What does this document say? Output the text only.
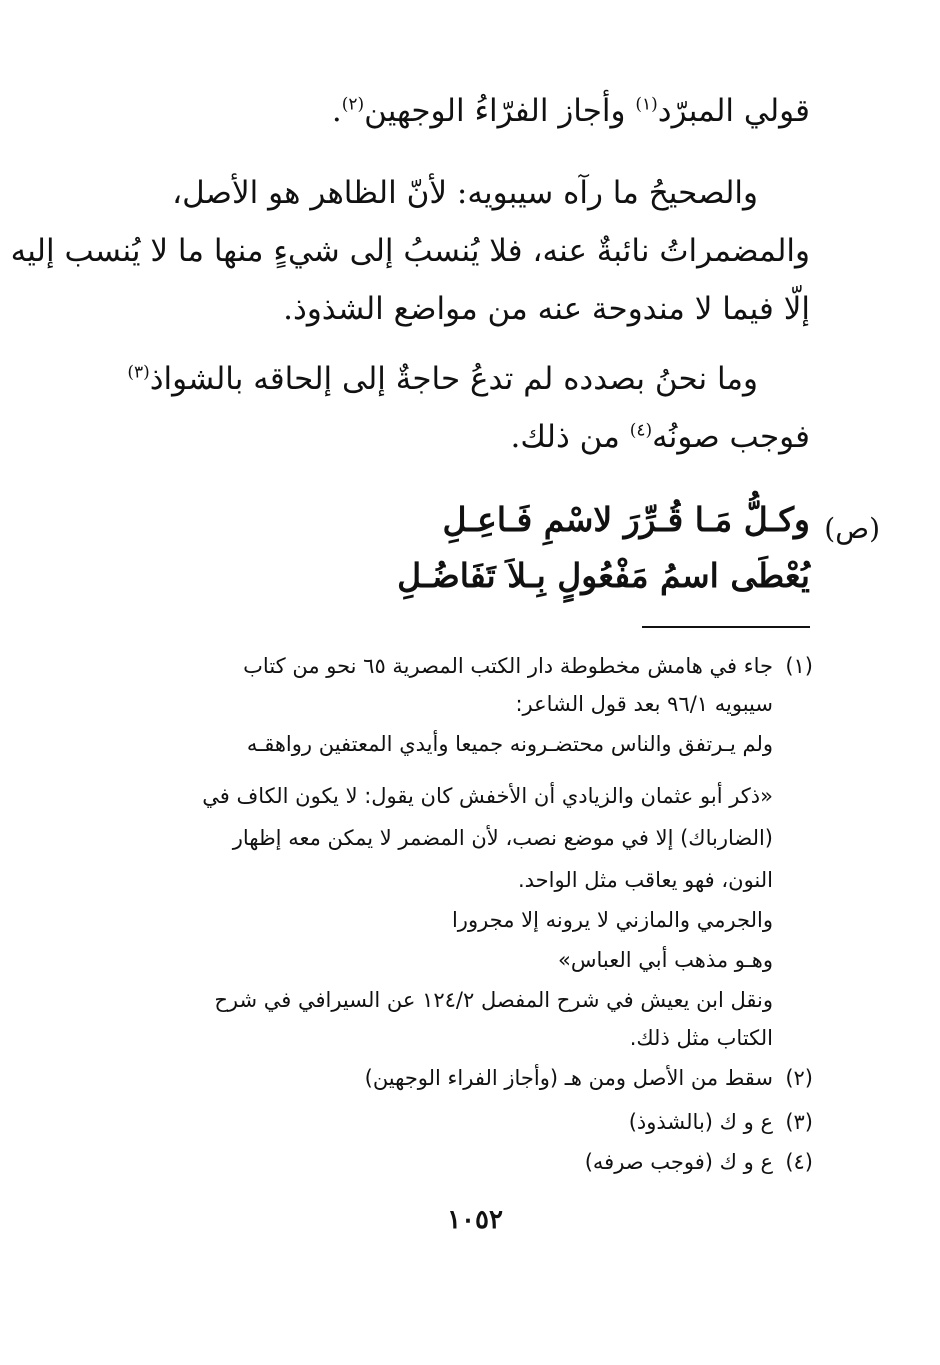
قولي المبرّد$^{(١)}$ وأجاز الفرّاءُ الوجهين$^{(٢)}$.
والصحيحُ ما رآه سيبويه: لأنّ الظاهر هو الأصل،
والمضمراتُ نائبةٌ عنه، فلا يُنسبُ إلى شيءٍ منها ما لا يُنسب إليه
إلّا فيما لا مندوحة عنه من مواضع الشذوذ.
وما نحنُ بصدده لم تدعُ حاجةٌ إلى إلحاقه بالشواذ$^{(٣)}$
فوجب صونُه$^{(٤)}$ من ذلك.
(ص)
وكـلُّ مَـا قُـرِّرَ لاسْمِ فَـاعِـلِ
يُعْطَى اسمُ مَفْعُولٍ بِـلاَ تَفَاضُـلِ
(١)
جاء في هامش مخطوطة دار الكتب المصرية ٦٥ نحو من كتاب
سيبويه ٩٦/١ بعد قول الشاعر:
ولم يـرتفق والناس محتضـرونه جميعا وأيدي المعتفين رواهقـه
«ذكر أبو عثمان والزيادي أن الأخفش كان يقول: لا يكون الكاف في
(الضارباك) إلا في موضع نصب، لأن المضمر لا يمكن معه إظهار
النون، فهو يعاقب مثل الواحد.
والجرمي والمازني لا يرونه إلا مجرورا
وهـو مذهب أبي العباس»
ونقل ابن يعيش في شرح المفصل ١٢٤/٢ عن السيرافي في شرح
الكتاب مثل ذلك.
(٢)
سقط من الأصل ومن هـ (وأجاز الفراء الوجهين)
(٣)
ع و ك (بالشذوذ)
(٤)
ع و ك (فوجب صرفه)
١٠٥٢
